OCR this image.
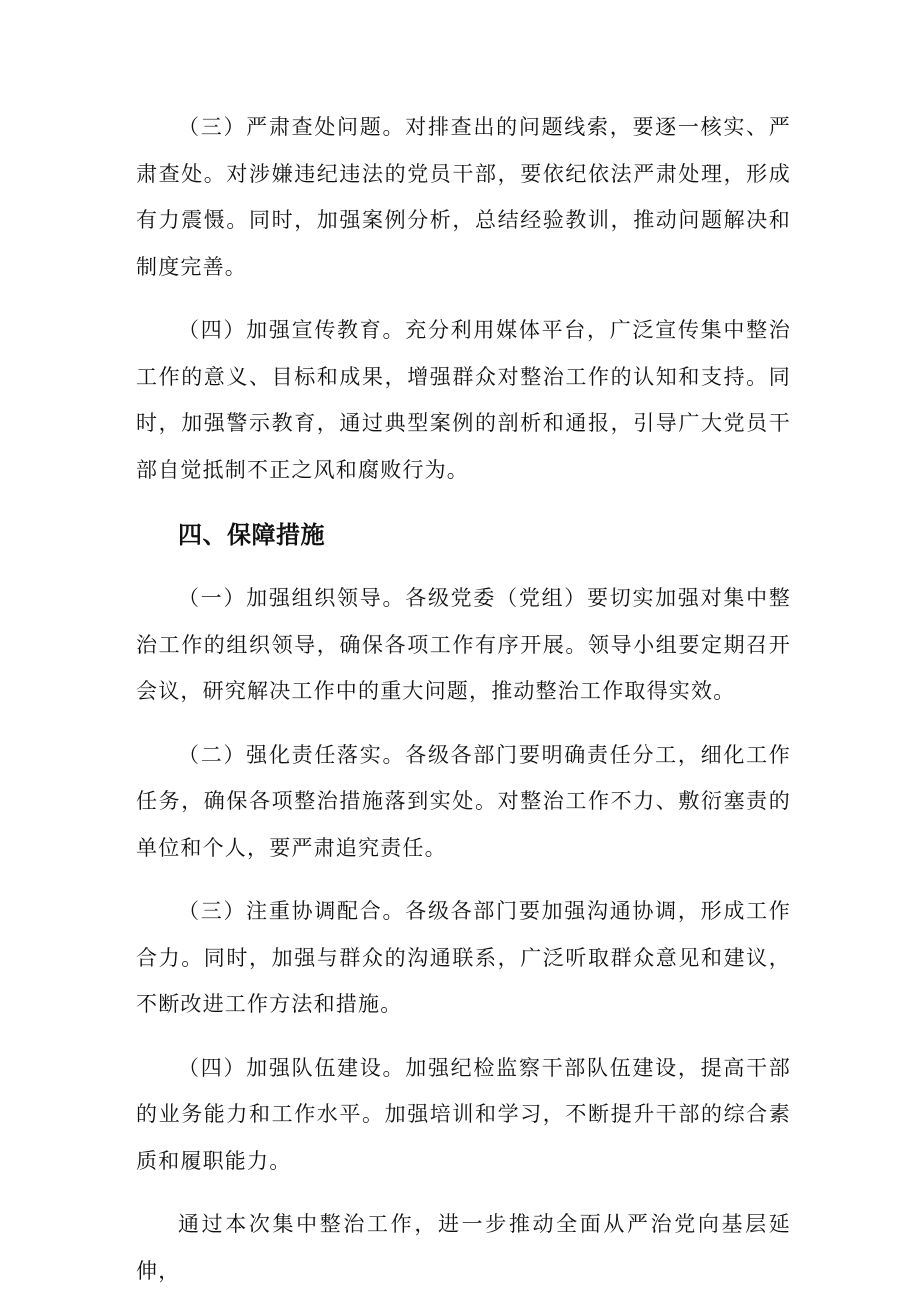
（三）严肃查处问题。对排查出的问题线索，要逐一核实、严肃查处。对涉嫌违纪违法的党员干部，要依纪依法严肃处理，形成有力震慑。同时，加强案例分析，总结经验教训，推动问题解决和制度完善。

（四）加强宣传教育。充分利用媒体平台，广泛宣传集中整治工作的意义、目标和成果，增强群众对整治工作的认知和支持。同时，加强警示教育，通过典型案例的剖析和通报，引导广大党员干部自觉抵制不正之风和腐败行为。

四、保障措施

（一）加强组织领导。各级党委（党组）要切实加强对集中整治工作的组织领导，确保各项工作有序开展。领导小组要定期召开会议，研究解决工作中的重大问题，推动整治工作取得实效。

（二）强化责任落实。各级各部门要明确责任分工，细化工作任务，确保各项整治措施落到实处。对整治工作不力、敷衍塞责的单位和个人，要严肃追究责任。

（三）注重协调配合。各级各部门要加强沟通协调，形成工作合力。同时，加强与群众的沟通联系，广泛听取群众意见和建议，不断改进工作方法和措施。

（四）加强队伍建设。加强纪检监察干部队伍建设，提高干部的业务能力和工作水平。加强培训和学习，不断提升干部的综合素质和履职能力。

通过本次集中整治工作，进一步推动全面从严治党向基层延伸，
